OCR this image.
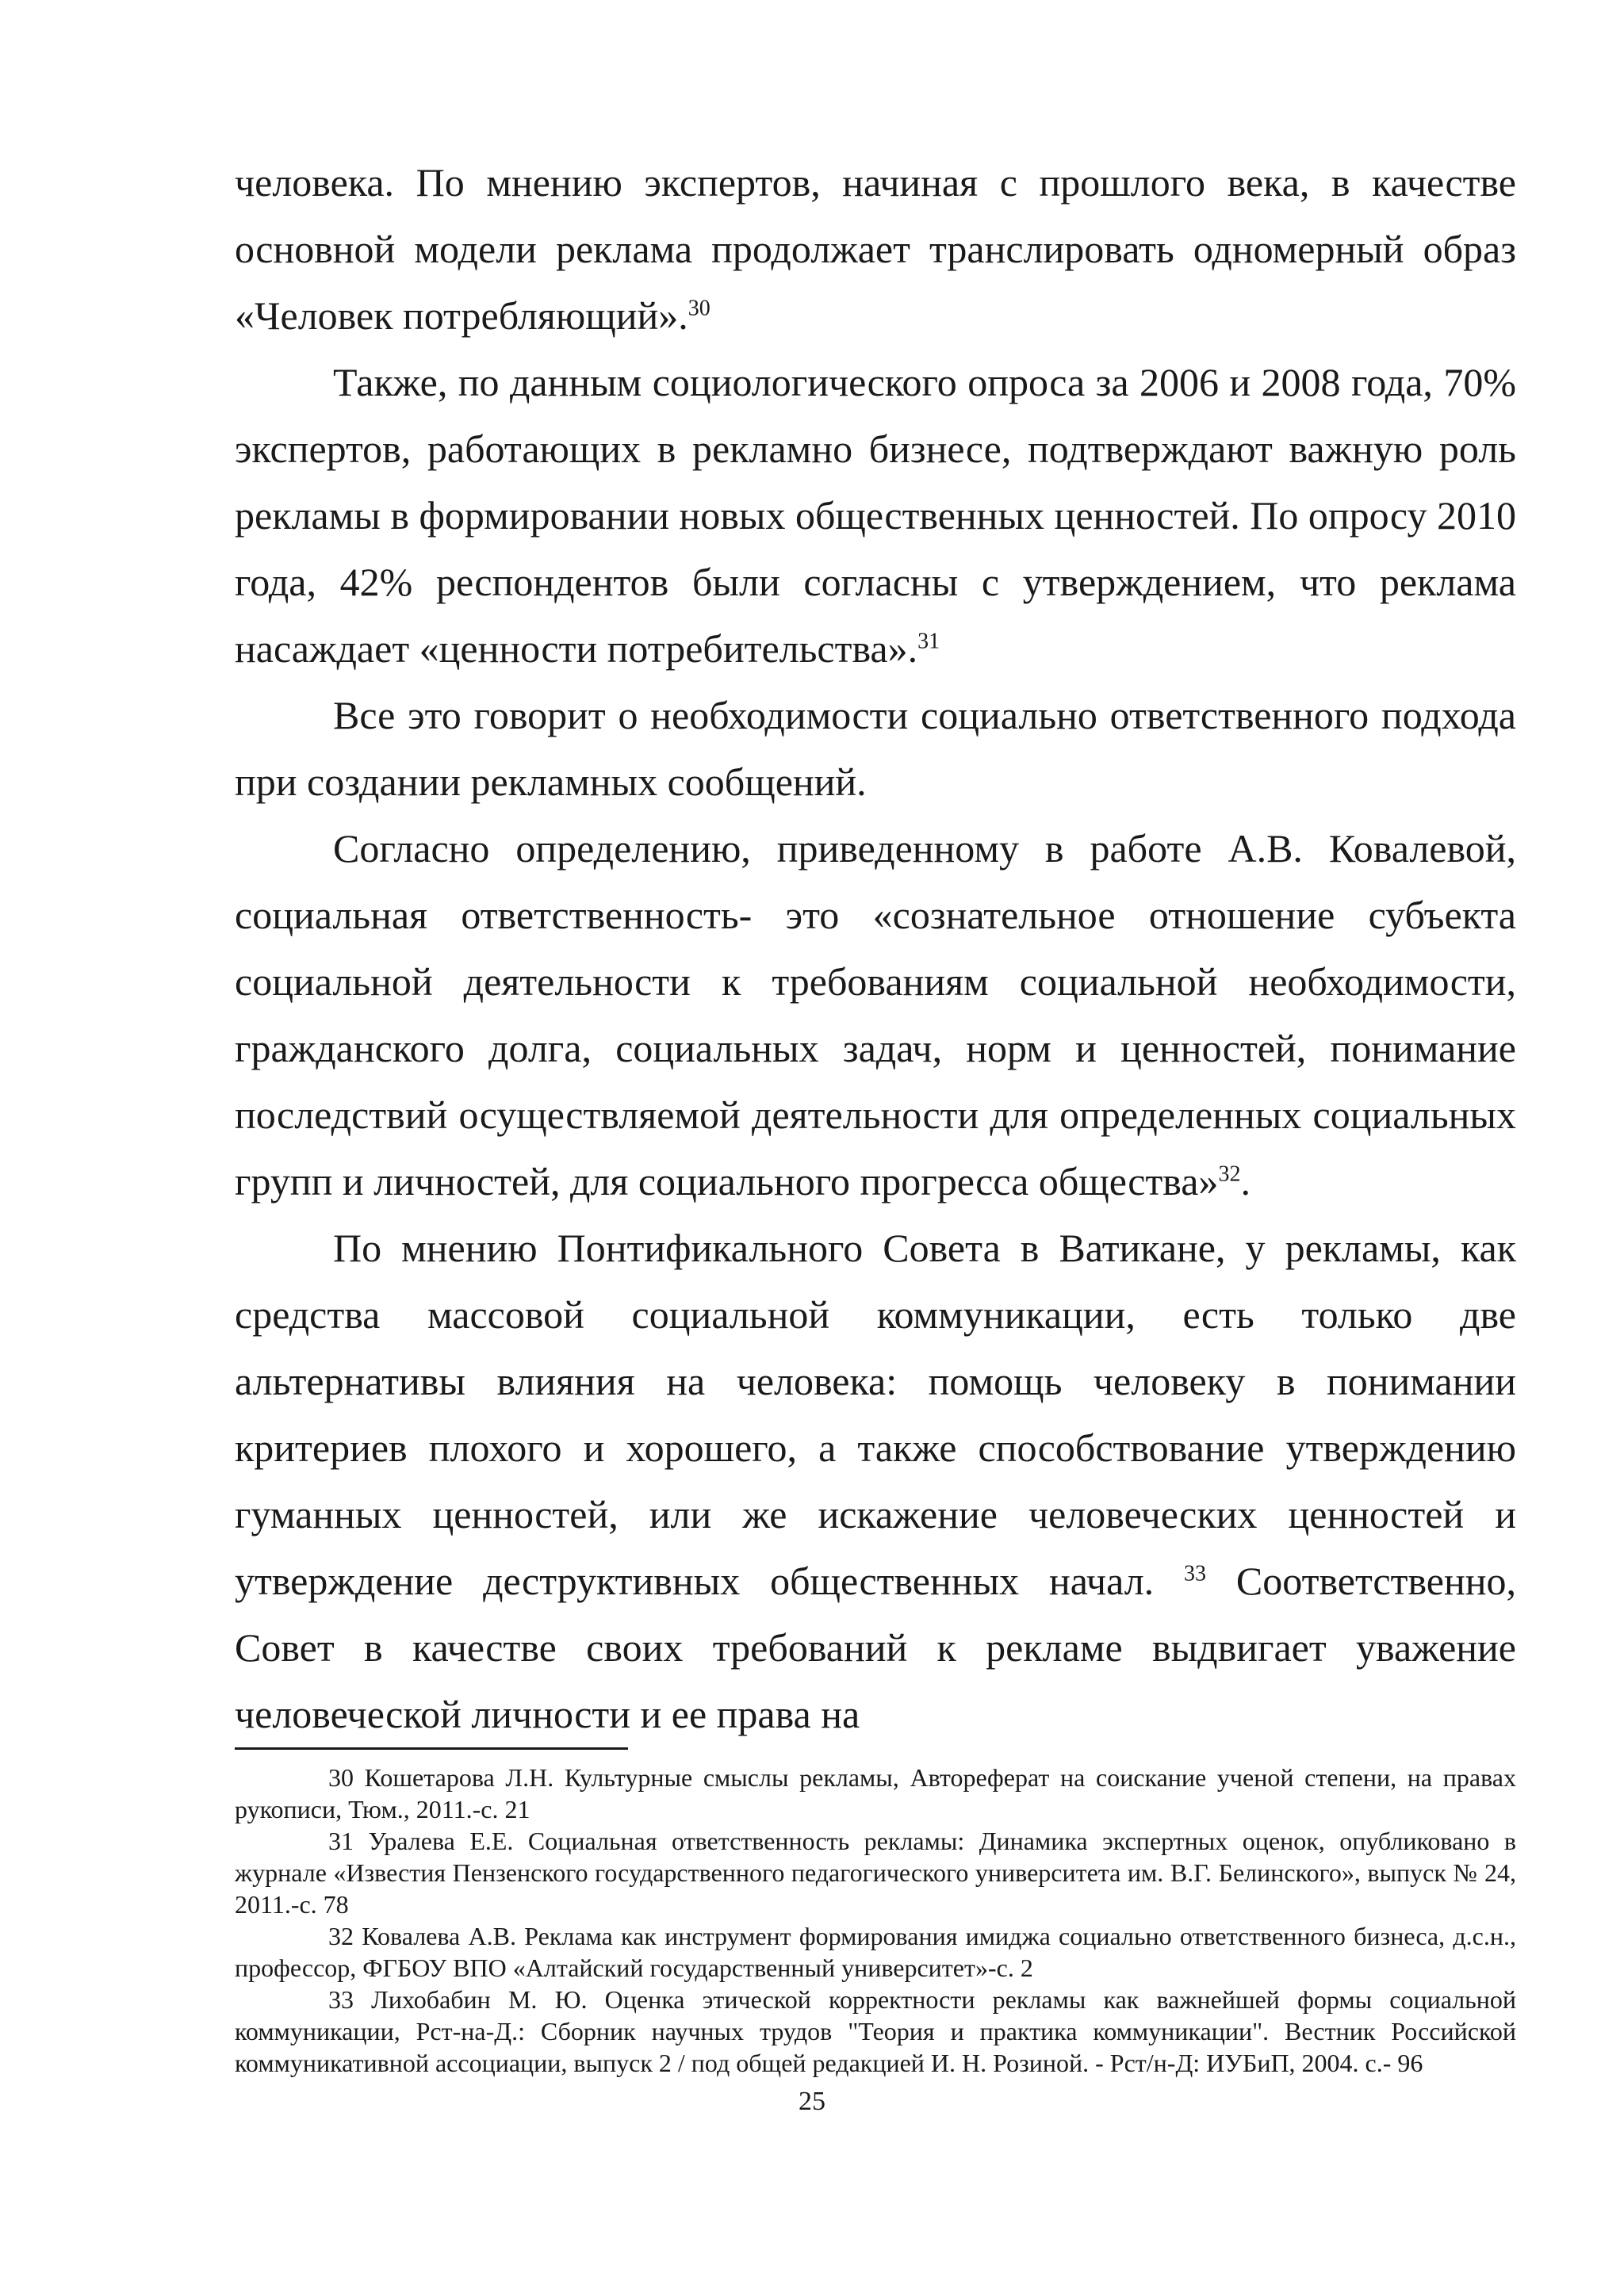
человека. По мнению экспертов, начиная с прошлого века, в качестве основной модели реклама продолжает транслировать одномерный образ «Человек потребляющий».$^{30}$

Также, по данным социологического опроса за 2006 и 2008 года, 70% экспертов, работающих в рекламно бизнесе, подтверждают важную роль рекламы в формировании новых общественных ценностей. По опросу 2010 года, 42% респондентов были согласны с утверждением, что реклама насаждает «ценности потребительства».$^{31}$

Все это говорит о необходимости социально ответственного подхода при создании рекламных сообщений.

Согласно определению, приведенному в работе А.В. Ковалевой, социальная ответственность- это «сознательное отношение субъекта социальной деятельности к требованиям социальной необходимости, гражданского долга, социальных задач, норм и ценностей, понимание последствий осуществляемой деятельности для определенных социальных групп и личностей, для социального прогресса общества»$^{32}$.

По мнению Понтификального Совета в Ватикане, у рекламы, как средства массовой социальной коммуникации, есть только две альтернативы влияния на человека: помощь человеку в понимании критериев плохого и хорошего, а также способствование утверждению гуманных ценностей, или же искажение человеческих ценностей и утверждение деструктивных общественных начал. $^{33}$ Соответственно, Совет в качестве своих требований к рекламе выдвигает уважение человеческой личности и ее права на

30 Кошетарова Л.Н. Культурные смыслы рекламы, Автореферат на соискание ученой степени, на правах рукописи, Тюм., 2011.-с. 21

31 Уралева Е.Е. Социальная ответственность рекламы: Динамика экспертных оценок, опубликовано в журнале «Известия Пензенского государственного педагогического университета им. В.Г. Белинского», выпуск № 24, 2011.-с. 78

32 Ковалева А.В. Реклама как инструмент формирования имиджа социально ответственного бизнеса, д.с.н., профессор, ФГБОУ ВПО «Алтайский государственный университет»-с. 2

33 Лихобабин М. Ю. Оценка этической корректности рекламы как важнейшей формы социальной коммуникации, Рст-на-Д.: Сборник научных трудов "Теория и практика коммуникации". Вестник Российской коммуникативной ассоциации, выпуск 2 / под общей редакцией И. Н. Розиной. - Рст/н-Д: ИУБиП, 2004. с.- 96

25
